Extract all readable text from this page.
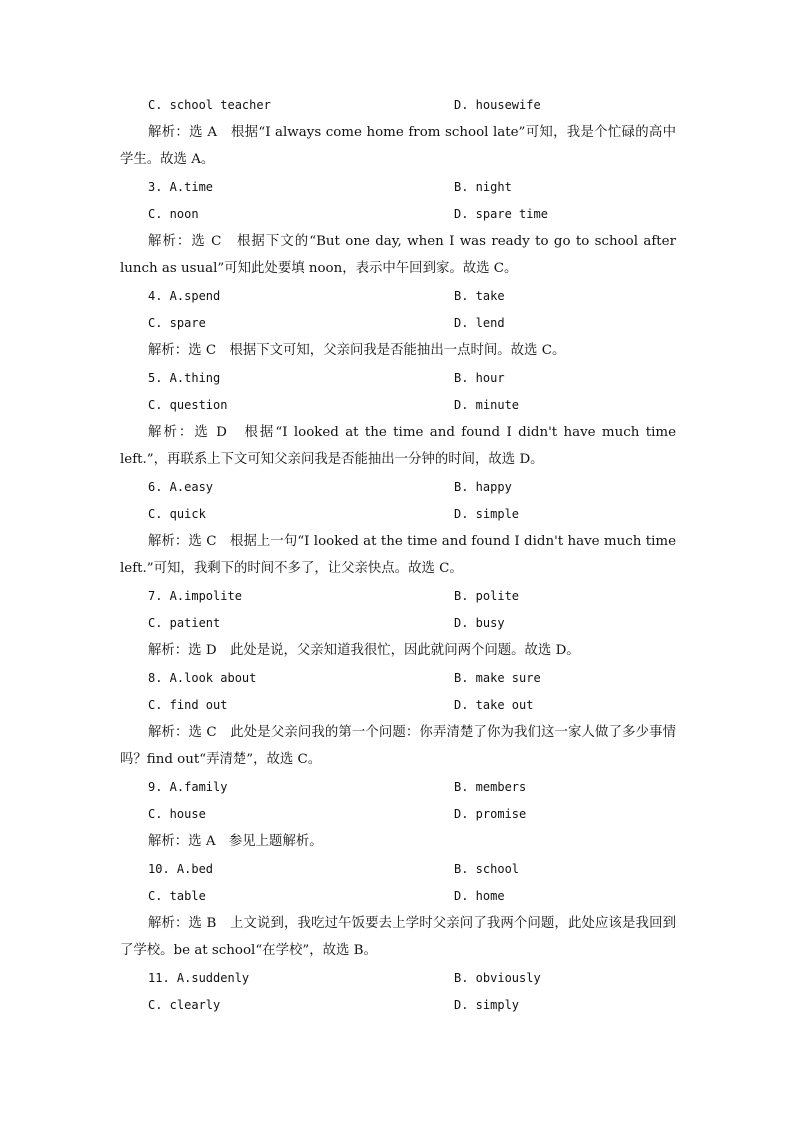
C. school teacher	D. housewife
解析：选 A　根据“I always come home from school late”可知，我是个忙碌的高中学生。故选 A。
3. A.time	B. night
C. noon	D. spare time
解析：选 C　根据下文的“But one day, when I was ready to go to school after lunch as usual”可知此处要填 noon，表示中午回到家。故选 C。
4. A.spend	B. take
C. spare	D. lend
解析：选 C　根据下文可知，父亲问我是否能抽出一点时间。故选 C。
5. A.thing	B. hour
C. question	D. minute
解析：选 D　根据“I looked at the time and found I didn't have much time left.”，再联系上下文可知父亲问我是否能抽出一分钟的时间，故选 D。
6. A.easy	B. happy
C. quick	D. simple
解析：选 C　根据上一句“I looked at the time and found I didn't have much time left.”可知，我剩下的时间不多了，让父亲快点。故选 C。
7. A.impolite	B. polite
C. patient	D. busy
解析：选 D　此处是说，父亲知道我很忙，因此就问两个问题。故选 D。
8. A.look about	B. make sure
C. find out	D. take out
解析：选 C　此处是父亲问我的第一个问题：你弄清楚了你为我们这一家人做了多少事情吗？find out“弄清楚”，故选 C。
9. A.family	B. members
C. house	D. promise
解析：选 A　参见上题解析。
10. A.bed	B. school
C. table	D. home
解析：选 B　上文说到，我吃过午饭要去上学时父亲问了我两个问题，此处应该是我回到了学校。be at school“在学校”，故选 B。
11. A.suddenly	B. obviously
C. clearly	D. simply
